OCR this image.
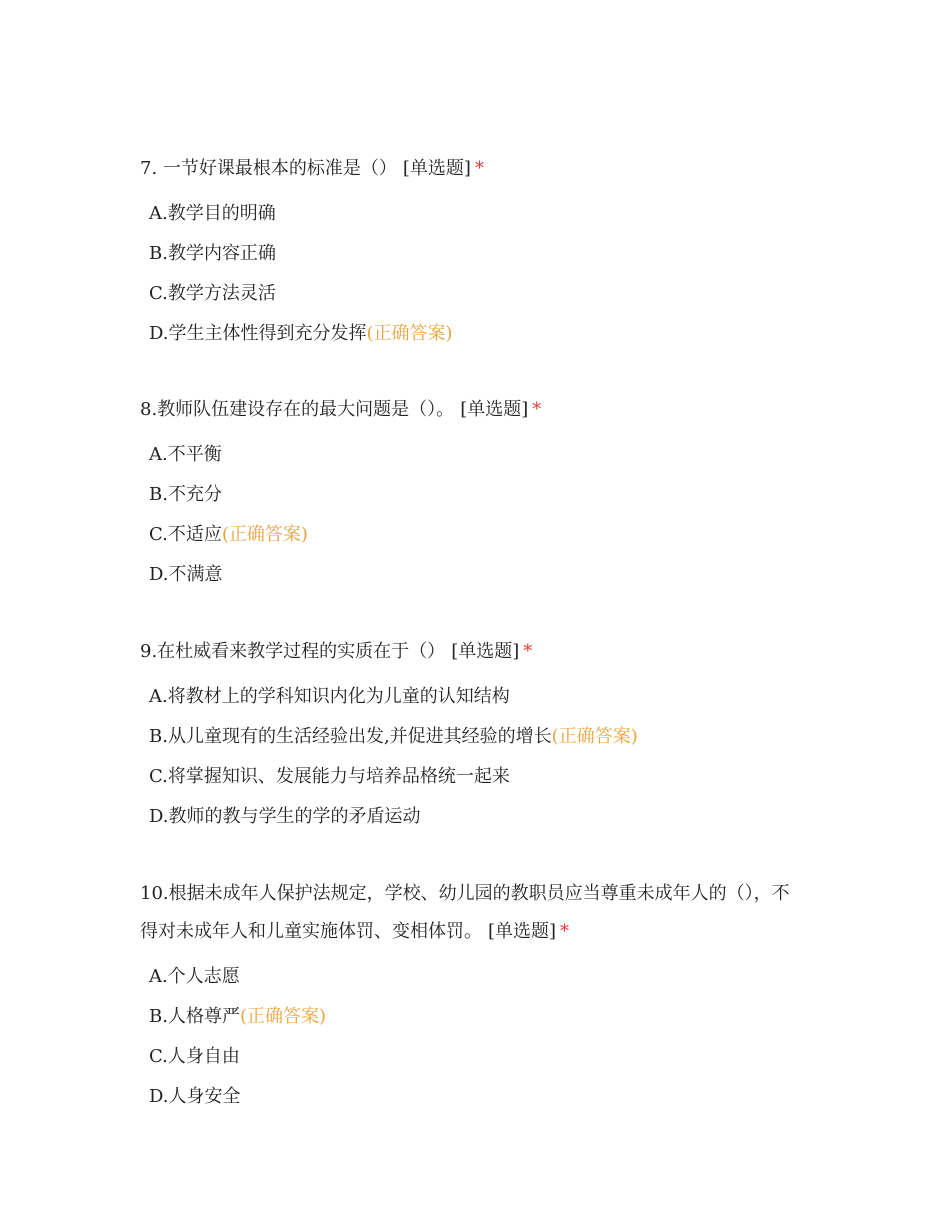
7. 一节好课最根本的标准是（） [单选题] *

A.教学目的明确
B.教学内容正确
C.教学方法灵活
D.学生主体性得到充分发挥(正确答案)

8.教师队伍建设存在的最大问题是（）。 [单选题] *

A.不平衡
B.不充分
C.不适应(正确答案)
D.不满意

9.在杜威看来教学过程的实质在于（） [单选题] *

A.将教材上的学科知识内化为儿童的认知结构
B.从儿童现有的生活经验出发,并促进其经验的增长(正确答案)
C.将掌握知识、发展能力与培养品格统一起来
D.教师的教与学生的学的矛盾运动

10.根据未成年人保护法规定，学校、幼儿园的教职员应当尊重未成年人的（），不得对未成年人和儿童实施体罚、变相体罚。 [单选题] *

A.个人志愿
B.人格尊严(正确答案)
C.人身自由
D.人身安全
